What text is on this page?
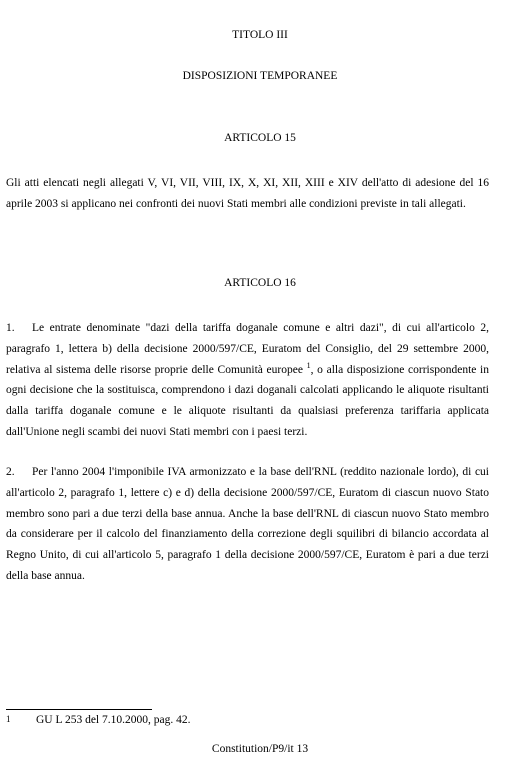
TITOLO III
DISPOSIZIONI TEMPORANEE
ARTICOLO 15
Gli atti elencati negli allegati V, VI, VII, VIII, IX, X, XI, XII, XIII e XIV dell'atto di adesione del 16 aprile 2003 si applicano nei confronti dei nuovi Stati membri alle condizioni previste in tali allegati.
ARTICOLO 16
1. Le entrate denominate "dazi della tariffa doganale comune e altri dazi", di cui all'articolo 2, paragrafo 1, lettera b) della decisione 2000/597/CE, Euratom del Consiglio, del 29 settembre 2000, relativa al sistema delle risorse proprie delle Comunità europee $^1$, o alla disposizione corrispondente in ogni decisione che la sostituisca, comprendono i dazi doganali calcolati applicando le aliquote risultanti dalla tariffa doganale comune e le aliquote risultanti da qualsiasi preferenza tariffaria applicata dall'Unione negli scambi dei nuovi Stati membri con i paesi terzi.
2. Per l'anno 2004 l'imponibile IVA armonizzato e la base dell'RNL (reddito nazionale lordo), di cui all'articolo 2, paragrafo 1, lettere c) e d) della decisione 2000/597/CE, Euratom di ciascun nuovo Stato membro sono pari a due terzi della base annua. Anche la base dell'RNL di ciascun nuovo Stato membro da considerare per il calcolo del finanziamento della correzione degli squilibri di bilancio accordata al Regno Unito, di cui all'articolo 5, paragrafo 1 della decisione 2000/597/CE, Euratom è pari a due terzi della base annua.
1 GU L 253 del 7.10.2000, pag. 42.
Constitution/P9/it 13
